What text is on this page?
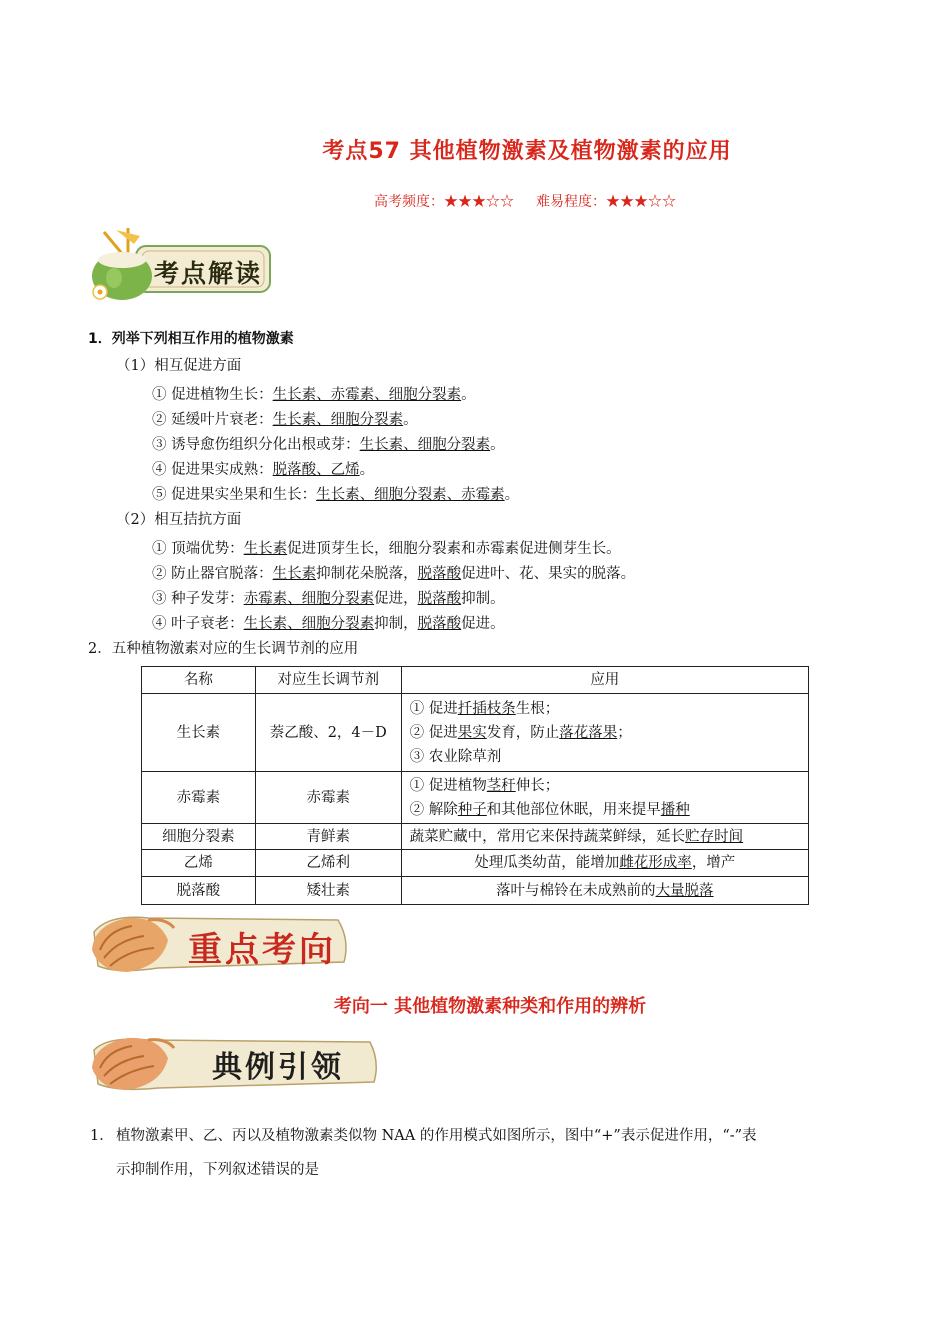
考点57 其他植物激素及植物激素的应用
高考频度：★★★☆☆ 难易程度：★★★☆☆
考点解读
1．列举下列相互作用的植物激素
（1）相互促进方面
① 促进植物生长：生长素、赤霉素、细胞分裂素。
② 延缓叶片衰老：生长素、细胞分裂素。
③ 诱导愈伤组织分化出根或芽：生长素、细胞分裂素。
④ 促进果实成熟：脱落酸、乙烯。
⑤ 促进果实坐果和生长：生长素、细胞分裂素、赤霉素。
（2）相互拮抗方面
① 顶端优势：生长素促进顶芽生长，细胞分裂素和赤霉素促进侧芽生长。
② 防止器官脱落：生长素抑制花朵脱落，脱落酸促进叶、花、果实的脱落。
③ 种子发芽：赤霉素、细胞分裂素促进，脱落酸抑制。
④ 叶子衰老：生长素、细胞分裂素抑制，脱落酸促进。
2．五种植物激素对应的生长调节剂的应用
名称	对应生长调节剂	应用
生长素	萘乙酸、2，4－D	① 促进扦插枝条生根；
② 促进果实发育，防止落花落果；
③ 农业除草剂

赤霉素	赤霉素	① 促进植物茎秆伸长；
② 解除种子和其他部位休眠，用来提早播种

细胞分裂素	青鲜素	蔬菜贮藏中，常用它来保持蔬菜鲜绿，延长贮存时间
乙烯	乙烯利	处理瓜类幼苗，能增加雌花形成率，增产
脱落酸	矮壮素	落叶与棉铃在未成熟前的大量脱落
重点考向
考向一 其他植物激素种类和作用的辨析
典例引领
1． 植物激素甲、乙、丙以及植物激素类似物 NAA 的作用模式如图所示，图中“+”表示促进作用，“-”表
示抑制作用，下列叙述错误的是
